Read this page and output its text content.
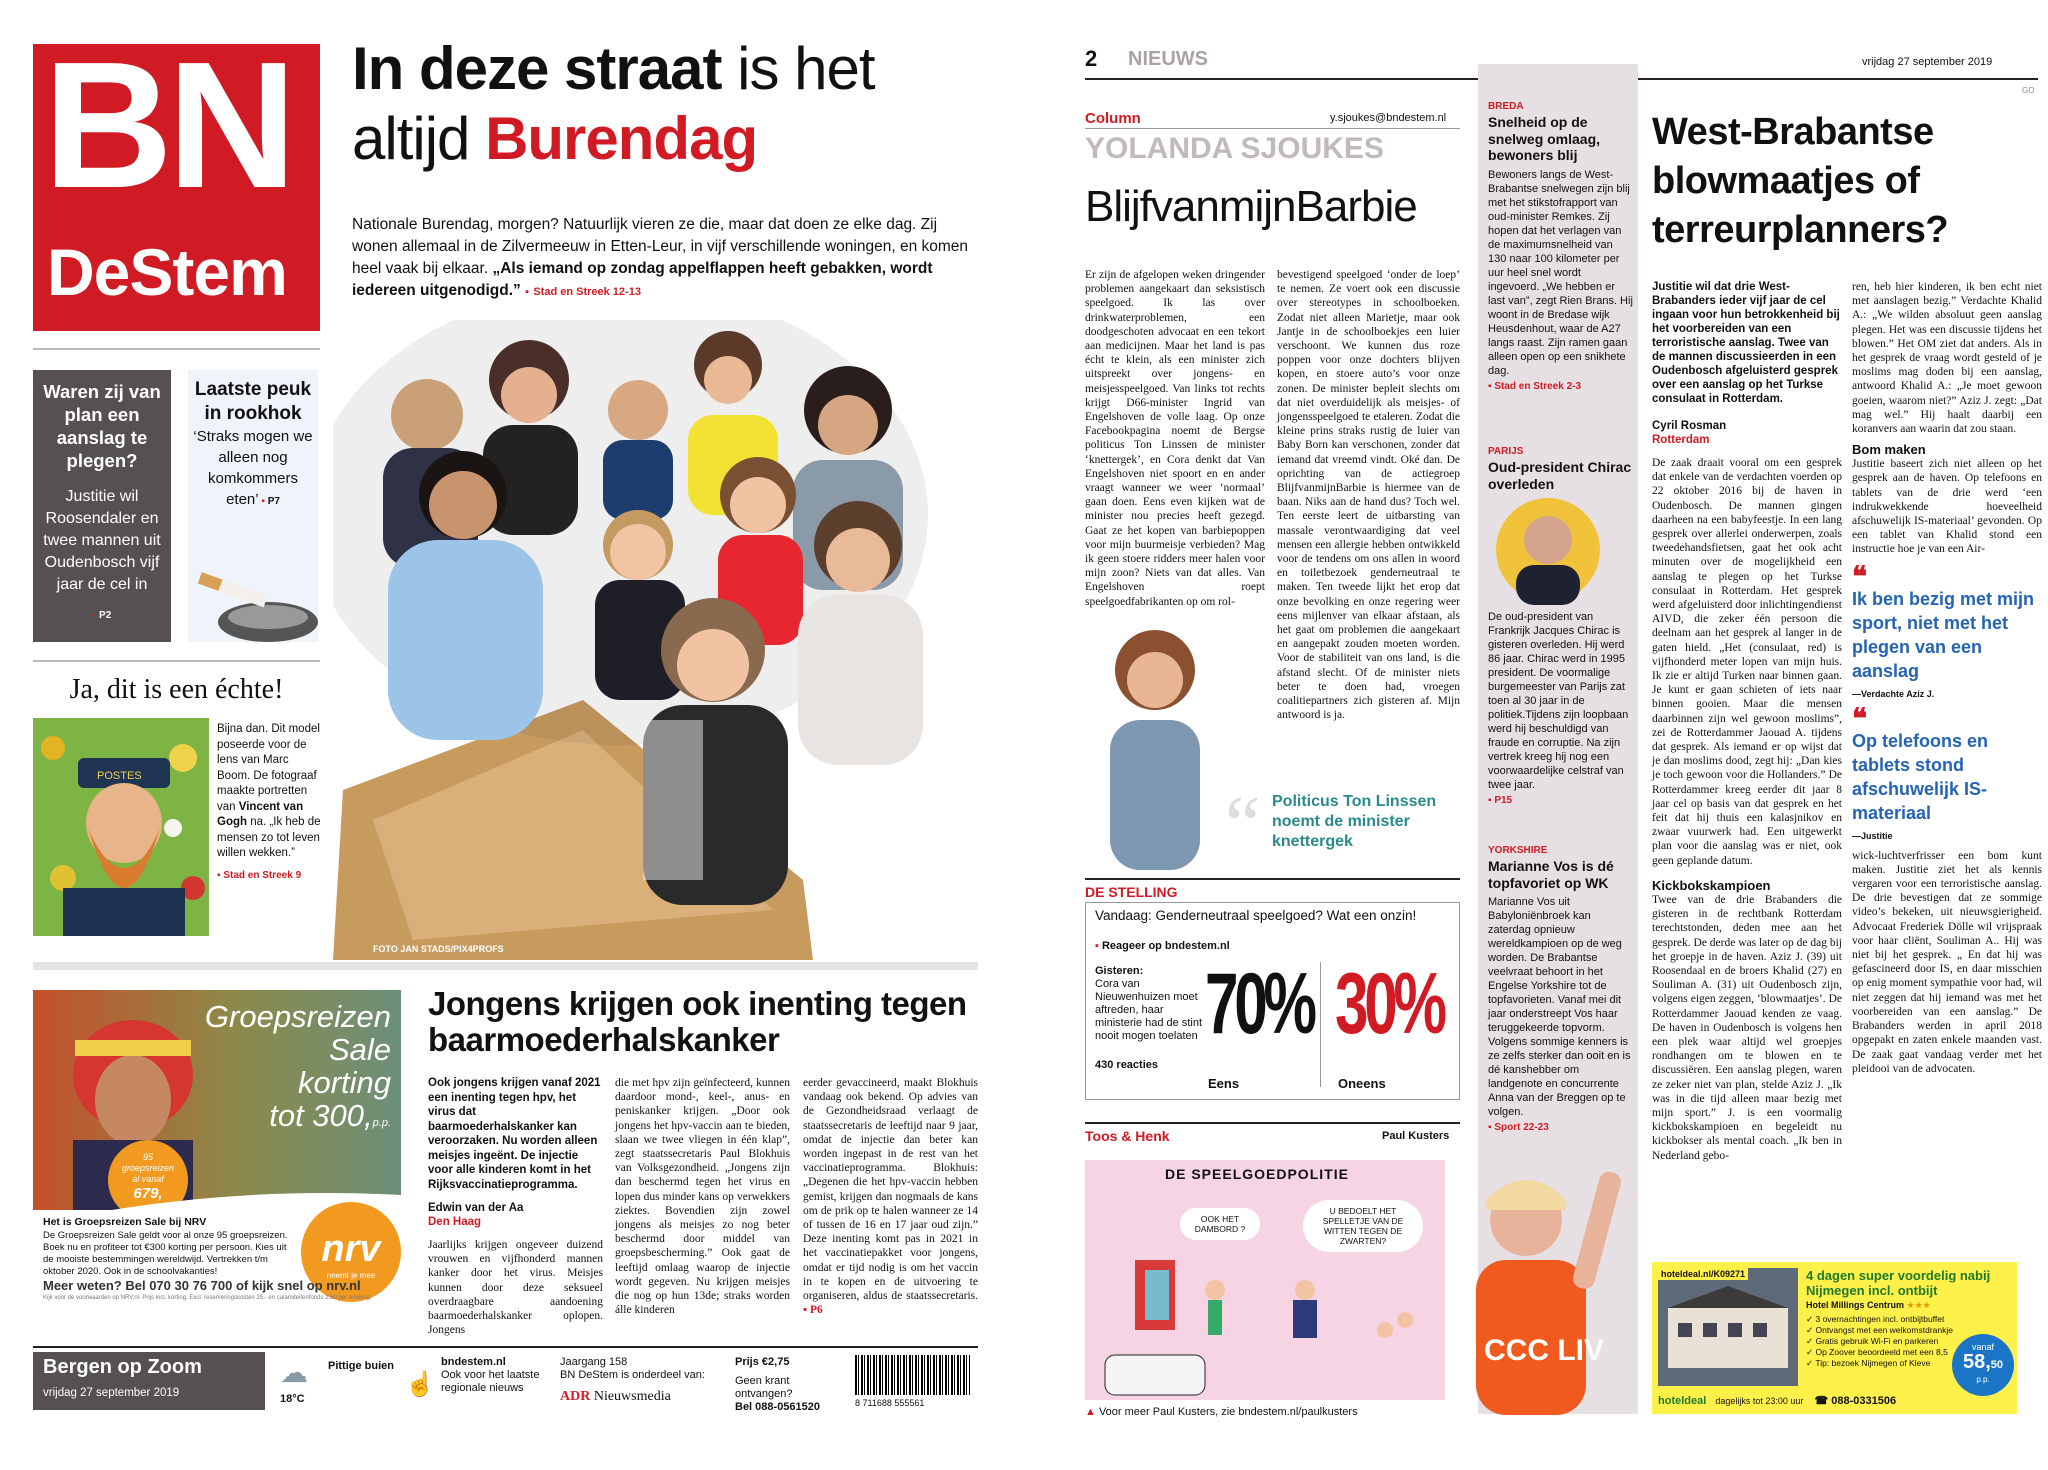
BN
DeStem
In deze straat is het
altijd Burendag
Nationale Burendag, morgen? Natuurlijk vieren ze die, maar dat doen ze elke dag. Zij wonen allemaal in de Zilvermeeuw in Etten-Leur, in vijf verschillende woningen, en komen heel vaak bij elkaar. „Als iemand op zondag appelflappen heeft gebakken, wordt iedereen uitgenodigd.” ▪ Stad en Streek 12-13
FOTO JAN STADS/PIX4PROFS
Waren zij van plan een aanslag te plegen?
Justitie wil Roosendaler en twee mannen uit Oudenbosch vijf jaar de cel in
▪ P2
Laatste peuk in rookhok
‘Straks mogen we alleen nog komkommers eten’ ▪ P7
Ja, dit is een échte!
POSTES
Bijna dan. Dit model poseerde voor de lens van Marc Boom. De fotograaf maakte portretten van Vincent van Gogh na. „Ik heb de mensen zo tot leven willen wekken.”
▪ Stad en Streek 9
Groepsreizen
Sale
korting
tot 300,p.p.
95
groepsreizen
al vanaf
679,
nrv
neemt je mee
Het is Groepsreizen Sale bij NRV
De Groepsreizen Sale geldt voor al onze 95 groepsreizen. Boek nu en profiteer tot €300 korting per persoon. Kies uit de mooiste bestemmingen wereldwijd. Vertrekken t/m oktober 2020. Ook in de schoolvakanties!
Meer weten? Bel 070 30 76 700 of kijk snel op nrv.nl
Kijk voor de voorwaarden op NRV.nl. Prijs incl. korting. Excl. reserveringskosten 25,- en calamiteitenfonds 2,50 per boeking.
Jongens krijgen ook inenting tegen baarmoederhalskanker
Ook jongens krijgen vanaf 2021 een inenting tegen hpv, het virus dat baarmoederhalskanker kan veroorzaken. Nu worden alleen meisjes ingeënt. De injectie voor alle kinderen komt in het Rijksvaccinatieprogramma.
Edwin van der Aa
Den Haag
Jaarlijks krijgen ongeveer duizend vrouwen en vijfhonderd mannen kanker door het virus. Meisjes kunnen door deze seksueel overdraagbare aandoening baarmoederhalskanker oplopen. Jongens
die met hpv zijn geïnfecteerd, kunnen daardoor mond-, keel-, anus- en peniskanker krijgen. „Door ook jongens het hpv-vaccin aan te bieden, slaan we twee vliegen in één klap”, zegt staatssecretaris Paul Blokhuis van Volksgezondheid. „Jongens zijn dan beschermd tegen het virus en lopen dus minder kans op verwekkers ziektes. Bovendien zijn zowel jongens als meisjes zo nog beter beschermd door middel van groepsbescherming.” Ook gaat de leeftijd omlaag waarop de injectie wordt gegeven. Nu krijgen meisjes die nog op hun 13de; straks worden álle kinderen
eerder gevaccineerd, maakt Blokhuis vandaag ook bekend. Op advies van de Gezondheidsraad verlaagt de staatssecretaris de leeftijd naar 9 jaar, omdat de injectie dan beter kan worden ingepast in de rest van het vaccinatieprogramma. Blokhuis: „Degenen die het hpv-vaccin hebben gemist, krijgen dan nogmaals de kans om de prik op te halen wanneer ze 14 of tussen de 16 en 17 jaar oud zijn.” Deze inenting komt pas in 2021 in het vaccinatiepakket voor jongens, omdat er tijd nodig is om het vaccin in te kopen en de uitvoering te organiseren, aldus de staatssecretaris. ▪ P6
Bergen op Zoom
vrijdag 27 september 2019
☁ Pittige buien
18°C
☝
bndestem.nl
Ook voor het laatste regionale nieuws
Jaargang 158
BN DeStem is onderdeel van:
ADR Nieuwsmedia
Prijs €2,75
Geen krant ontvangen?
Bel 088-0561520	8 711688 555561
2 NIEUWS	vrijdag 27 september 2019
GO
Column	y.sjoukes@bndestem.nl
YOLANDA SJOUKES
BlijfvanmijnBarbie
Er zijn de afgelopen weken dringender problemen aangekaart dan seksistisch speelgoed. Ik las over drinkwaterproblemen, een doodgeschoten advocaat en een tekort aan medicijnen. Maar het land is pas écht te klein, als een minister zich uitspreekt over jongens- en meisjesspeelgoed. Van links tot rechts krijgt D66-minister Ingrid van Engelshoven de volle laag. Op onze Facebookpagina noemt de Bergse politicus Ton Linssen de minister ‘knettergek’, en Cora denkt dat Van Engelshoven niet spoort en en ander vraagt wanneer we weer ‘normaal’ gaan doen. Eens even kijken wat de minister nou precies heeft gezegd. Gaat ze het kopen van barbiepoppen voor mijn buurmeisje verbieden? Mag ik geen stoere ridders meer halen voor mijn zoon? Niets van dat alles. Van Engelshoven roept speelgoedfabrikanten op om rol-
bevestigend speelgoed ‘onder de loep’ te nemen. Ze voert ook een discussie over stereotypes in schoolboeken. Zodat niet alleen Marietje, maar ook Jantje in de schoolboekjes een luier verschoont. We kunnen dus roze poppen voor onze dochters blijven kopen, en stoere auto’s voor onze zonen. De minister bepleit slechts om dat niet overduidelijk als meisjes- of jongensspeelgoed te etaleren. Zodat die kleine prins straks rustig de luier van Baby Born kan verschonen, zonder dat iemand dat vreemd vindt. Oké dan. De oprichting van de actiegroep BlijfvanmijnBarbie is hiermee van de baan. Niks aan de hand dus? Toch wel. Ten eerste leert de uitbarsting van massale verontwaardiging dat veel mensen een allergie hebben ontwikkeld voor de tendens om ons allen in woord en toiletbezoek genderneutraal te maken. Ten tweede lijkt het erop dat onze bevolking en onze regering weer eens mijlenver van elkaar afstaan, als het gaat om problemen die aangekaart en aangepakt zouden moeten worden. Voor de stabiliteit van ons land, is die afstand slecht. Of de minister niets beter te doen had, vroegen coalitiepartners zich gisteren af. Mijn antwoord is ja.
“ Politicus Ton Linssen noemt de minister knettergek
DE STELLING
Vandaag: Genderneutraal speelgoed? Wat een onzin!
▪ Reageer op bndestem.nl
Gisteren:
Cora van Nieuwenhuizen moet aftreden, haar ministerie had de stint nooit mogen toelaten
430 reacties
70%
Eens
30%
Oneens
Toos & Henk	Paul Kusters
DE SPEELGOEDPOLITIE
OOK HET DAMBORD ?
U BEDOELT HET SPELLETJE VAN DE WITTEN TEGEN DE ZWARTEN?
▲ Voor meer Paul Kusters, zie bndestem.nl/paulkusters
BREDA
Snelheid op de snelweg omlaag, bewoners blij
Bewoners langs de West-Brabantse snelwegen zijn blij met het stikstofrapport van oud-minister Remkes. Zij hopen dat het verlagen van de maximumsnelheid van 130 naar 100 kilometer per uur heel snel wordt ingevoerd. „We hebben er last van”, zegt Rien Brans. Hij woont in de Bredase wijk Heusdenhout, waar de A27 langs raast. Zijn ramen gaan alleen open op een snikhete dag.
▪ Stad en Streek 2-3
PARIJS
Oud-president Chirac overleden
De oud-president van Frankrijk Jacques Chirac is gisteren overleden. Hij werd 86 jaar. Chirac werd in 1995 president. De voormalige burgemeester van Parijs zat toen al 30 jaar in de politiek.Tijdens zijn loopbaan werd hij beschuldigd van fraude en corruptie. Na zijn vertrek kreeg hij nog een voorwaardelijke celstraf van twee jaar.
▪ P15
YORKSHIRE
Marianne Vos is dé topfavoriet op WK
Marianne Vos uit Babyloniënbroek kan zaterdag opnieuw wereldkampioen op de weg worden. De Brabantse veelvraat behoort in het Engelse Yorkshire tot de topfavorieten. Vanaf mei dit jaar onderstreept Vos haar teruggekeerde topvorm. Volgens sommige kenners is ze zelfs sterker dan ooit en is dé kanshebber om landgenote en concurrente Anna van der Breggen op te volgen.
▪ Sport 22-23
CCC LIV
West-Brabantse blowmaatjes of terreurplanners?
Justitie wil dat drie West-Brabanders ieder vijf jaar de cel ingaan voor hun betrokkenheid bij het voorbereiden van een terroristische aanslag. Twee van de mannen discussieerden in een Oudenbosch afgeluisterd gesprek over een aanslag op het Turkse consulaat in Rotterdam.
Cyril Rosman
Rotterdam
De zaak draait vooral om een gesprek dat enkele van de verdachten voerden op 22 oktober 2016 bij de haven in Oudenbosch. De mannen gingen daarheen na een babyfeestje. In een lang gesprek over allerlei onderwerpen, zoals tweedehandsfietsen, gaat het ook acht minuten over de mogelijkheid een aanslag te plegen op het Turkse consulaat in Rotterdam. Het gesprek werd afgeluisterd door inlichtingendienst AIVD, die zeker één persoon die deelnam aan het gesprek al langer in de gaten hield. „Het (consulaat, red) is vijfhonderd meter lopen van mijn huis. Ik zie er altijd Turken naar binnen gaan. Je kunt er gaan schieten of iets naar binnen gooien. Maar die mensen daarbinnen zijn wel gewoon moslims”, zei de Rotterdammer Jaouad A. tijdens dat gesprek. Als iemand er op wijst dat je dan moslims dood, zegt hij: „Dan kies je toch gewoon voor die Hollanders.” De Rotterdammer kreeg eerder dit jaar 8 jaar cel op basis van dat gesprek en het feit dat hij thuis een kalasjnikov en zwaar vuurwerk had. Een uitgewerkt plan voor die aanslag was er niet, ook geen geplande datum.
Kickbokskampioen
Twee van de drie Brabanders die gisteren in de rechtbank Rotterdam terechtstonden, deden mee aan het gesprek. De derde was later op de dag bij het groepje in de haven. Aziz J. (39) uit Roosendaal en de broers Khalid (27) en Souliman A. (31) uit Oudenbosch zijn, volgens eigen zeggen, ‘blowmaatjes’. De Rotterdammer Jaouad kenden ze vaag. De haven in Oudenbosch is volgens hen een plek waar altijd wel groepjes rondhangen om te blowen en te discussiëren. Een aanslag plegen, waren ze zeker niet van plan, stelde Aziz J. „Ik was in die tijd alleen maar bezig met mijn sport.” J. is een voormalig kickbokskampioen en begeleidt nu kickbokser als mental coach. „Ik ben in Nederland gebo-
ren, heb hier kinderen, ik ben echt niet met aanslagen bezig.” Verdachte Khalid A.: „We wilden absoluut geen aanslag plegen. Het was een discussie tijdens het blowen.” Het OM ziet dat anders. Als in het gesprek de vraag wordt gesteld of je moslims mag doden bij een aanslag, antwoord Khalid A.: „Je moet gewoon goeien, waarom niet?” Aziz J. zegt: „Dat mag wel.” Hij haalt daarbij een koranvers aan waarin dat zou staan.
Bom maken
Justitie baseert zich niet alleen op het gesprek aan de haven. Op telefoons en tablets van de drie werd ‘een indrukwekkende hoeveelheid afschuwelijk IS-materiaal’ gevonden. Op een tablet van Khalid stond een instructie hoe je van een Air-
❝
Ik ben bezig met mijn sport, niet met het plegen van een aanslag
—Verdachte Aziz J.
❝
Op telefoons en tablets stond afschuwelijk IS-materiaal
—Justitie
wick-luchtverfrisser een bom kunt maken. Justitie ziet het als kennis vergaren voor een terroristische aanslag. De drie bevestigen dat ze sommige video’s bekeken, uit nieuwsgierigheid. Advocaat Frederiek Dölle wil vrijspraak voor haar cliënt, Souliman A.. Hij was niet bij het gesprek. „ En dat hij was gefascineerd door IS, en daar misschien op enig moment sympathie voor had, wil niet zeggen dat hij iemand was met het voorbereiden van een aanslag.” De Brabanders werden in april 2018 opgepakt en zaten enkele maanden vast. De zaak gaat vandaag verder met het pleidooi van de advocaten.
hoteldeal.nl/K09271	4 dagen super voordelig nabij Nijmegen incl. ontbijt
Hotel Millings Centrum ★★★
✓ 3 overnachtingen incl. ontbijtbuffet
✓ Ontvangst met een welkomstdrankje
✓ Gratis gebruik Wi-Fi en parkeren
✓ Op Zoover beoordeeld met een 8,5
✓ Tip: bezoek Nijmegen of Kleve
vanaf
58,50
p.p.
hoteldeal dagelijks tot 23:00 uur ☎ 088-0331506
